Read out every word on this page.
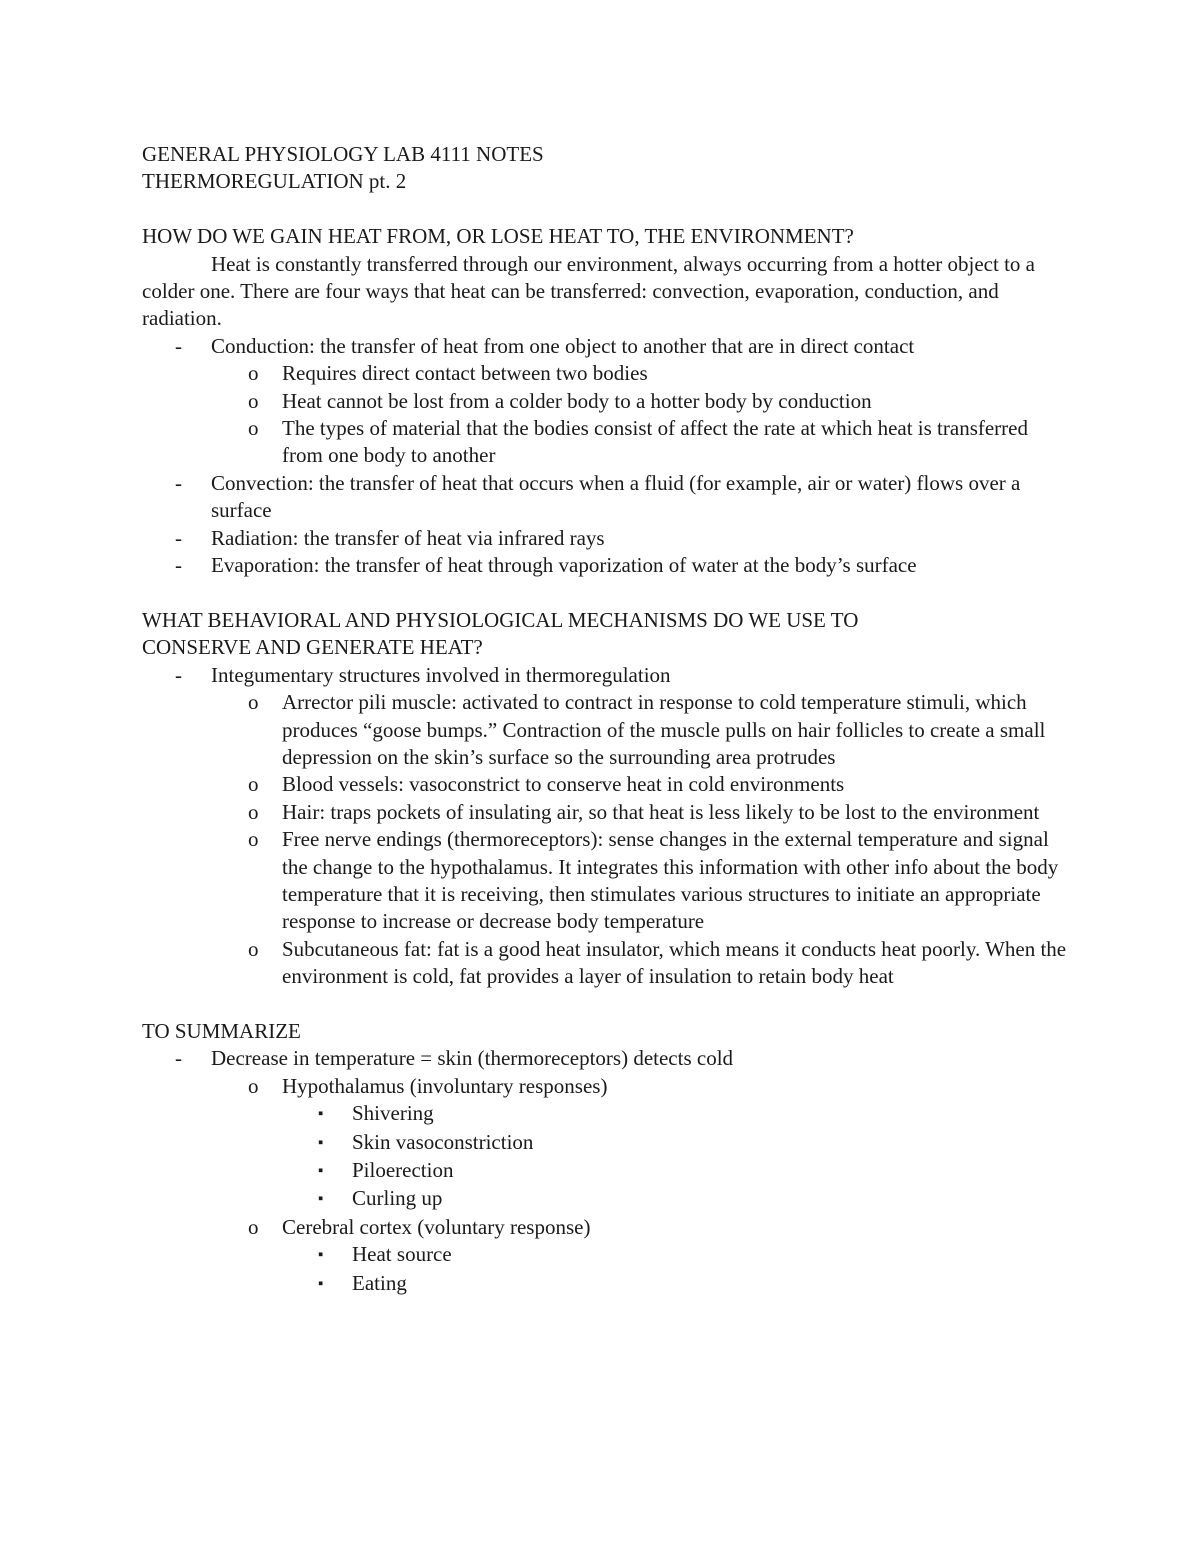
GENERAL PHYSIOLOGY LAB 4111 NOTES

THERMOREGULATION pt. 2

HOW DO WE GAIN HEAT FROM, OR LOSE HEAT TO, THE ENVIRONMENT?

Heat is constantly transferred through our environment, always occurring from a hotter object to a colder one. There are four ways that heat can be transferred: convection, evaporation, conduction, and radiation.

-	Conduction: the transfer of heat from one object to another that are in direct contact
o	Requires direct contact between two bodies
o	Heat cannot be lost from a colder body to a hotter body by conduction
o	The types of material that the bodies consist of affect the rate at which heat is transferred from one body to another
-	Convection: the transfer of heat that occurs when a fluid (for example, air or water) flows over a surface
-	Radiation: the transfer of heat via infrared rays
-	Evaporation: the transfer of heat through vaporization of water at the body’s surface

WHAT BEHAVIORAL AND PHYSIOLOGICAL MECHANISMS DO WE USE TO

CONSERVE AND GENERATE HEAT?

-	Integumentary structures involved in thermoregulation
o	Arrector pili muscle: activated to contract in response to cold temperature stimuli, which produces “goose bumps.” Contraction of the muscle pulls on hair follicles to create a small depression on the skin’s surface so the surrounding area protrudes
o	Blood vessels: vasoconstrict to conserve heat in cold environments
o	Hair: traps pockets of insulating air, so that heat is less likely to be lost to the environment
o	Free nerve endings (thermoreceptors): sense changes in the external temperature and signal the change to the hypothalamus. It integrates this information with other info about the body temperature that it is receiving, then stimulates various structures to initiate an appropriate response to increase or decrease body temperature
o	Subcutaneous fat: fat is a good heat insulator, which means it conducts heat poorly. When the environment is cold, fat provides a layer of insulation to retain body heat

TO SUMMARIZE

-	Decrease in temperature = skin (thermoreceptors) detects cold
o	Hypothalamus (involuntary responses)
▪	Shivering
▪	Skin vasoconstriction
▪	Piloerection
▪	Curling up
o	Cerebral cortex (voluntary response)
▪	Heat source
▪	Eating
